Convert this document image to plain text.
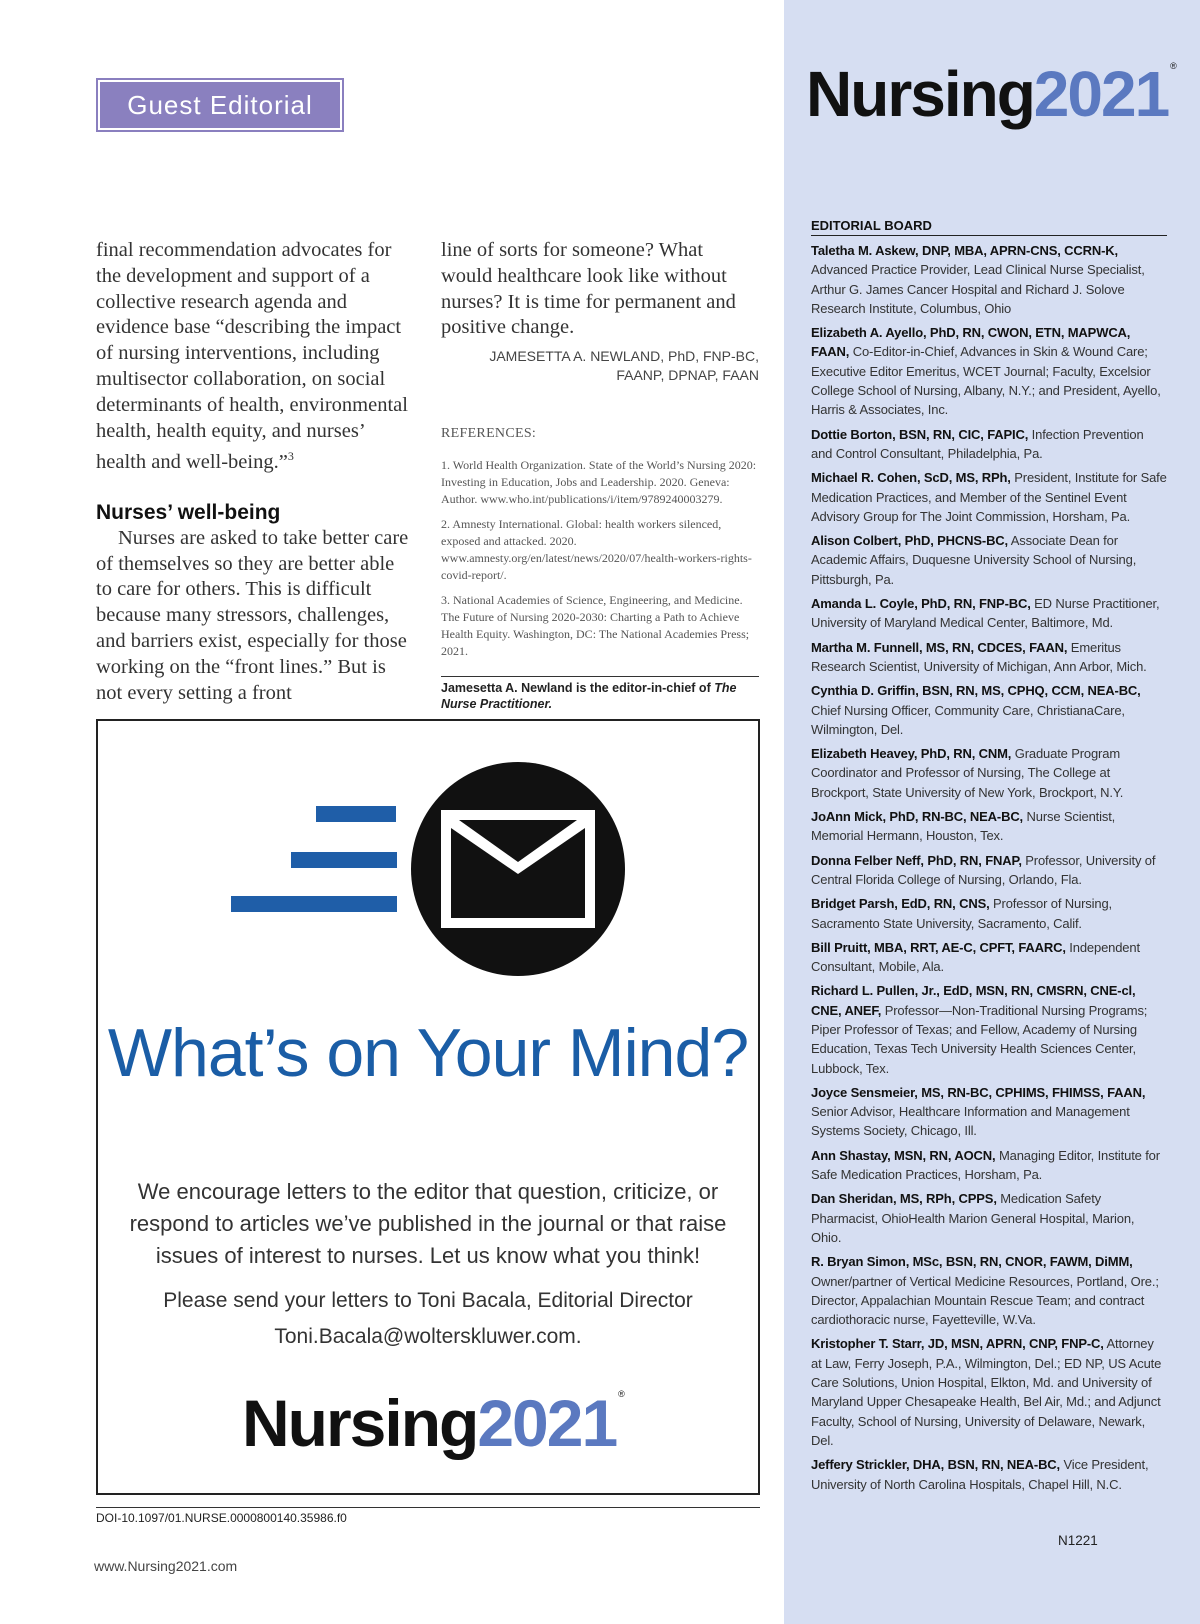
Guest Editorial	Nursing2021 ®

final recommendation advocates for the development and support of a collective research agenda and evidence base “describing the impact of nursing interventions, including multisector collaboration, on social determinants of health, environmental health, health equity, and nurses’ health and well-being.”$^3$

Nurses’ well-being

Nurses are asked to take better care of themselves so they are better able to care for others. This is difficult because many stressors, challenges, and barriers exist, especially for those working on the “front lines.” But is not every setting a front

line of sorts for someone? What would healthcare look like without nurses? It is time for permanent and positive change.

JAMESETTA A. NEWLAND, PhD, FNP-BC, FAANP, DPNAP, FAAN

REFERENCES:

1. World Health Organization. State of the World’s Nursing 2020: Investing in Education, Jobs and Leadership. 2020. Geneva: Author. www.who.int/publications/i/item/9789240003279.

2. Amnesty International. Global: health workers silenced, exposed and attacked. 2020. www.amnesty.org/en/latest/news/2020/07/health-workers-rights-covid-report/.

3. National Academies of Science, Engineering, and Medicine. The Future of Nursing 2020-2030: Charting a Path to Achieve Health Equity. Washington, DC: The National Academies Press; 2021.

Jamesetta A. Newland is the editor-in-chief of The Nurse Practitioner.

What’s on Your Mind?
We encourage letters to the editor that question, criticize, or respond to articles we’ve published in the journal or that raise issues of interest to nurses. Let us know what you think!
Please send your letters to Toni Bacala, Editorial Director
Toni.Bacala@wolterskluwer.com.
Nursing2021 ®
DOI-10.1097/01.NURSE.0000800140.35986.f0
www.Nursing2021.com
N1221
EDITORIAL BOARD
Taletha M. Askew, DNP, MBA, APRN-CNS, CCRN-K, Advanced Practice Provider, Lead Clinical Nurse Specialist, Arthur G. James Cancer Hospital and Richard J. Solove Research Institute, Columbus, Ohio
Elizabeth A. Ayello, PhD, RN, CWON, ETN, MAPWCA, FAAN, Co-Editor-in-Chief, Advances in Skin & Wound Care; Executive Editor Emeritus, WCET Journal; Faculty, Excelsior College School of Nursing, Albany, N.Y.; and President, Ayello, Harris & Associates, Inc.
Dottie Borton, BSN, RN, CIC, FAPIC, Infection Prevention and Control Consultant, Philadelphia, Pa.
Michael R. Cohen, ScD, MS, RPh, President, Institute for Safe Medication Practices, and Member of the Sentinel Event Advisory Group for The Joint Commission, Horsham, Pa.
Alison Colbert, PhD, PHCNS-BC, Associate Dean for Academic Affairs, Duquesne University School of Nursing, Pittsburgh, Pa.
Amanda L. Coyle, PhD, RN, FNP-BC, ED Nurse Practitioner, University of Maryland Medical Center, Baltimore, Md.
Martha M. Funnell, MS, RN, CDCES, FAAN, Emeritus Research Scientist, University of Michigan, Ann Arbor, Mich.
Cynthia D. Griffin, BSN, RN, MS, CPHQ, CCM, NEA-BC, Chief Nursing Officer, Community Care, ChristianaCare, Wilmington, Del.
Elizabeth Heavey, PhD, RN, CNM, Graduate Program Coordinator and Professor of Nursing, The College at Brockport, State University of New York, Brockport, N.Y.
JoAnn Mick, PhD, RN-BC, NEA-BC, Nurse Scientist, Memorial Hermann, Houston, Tex.
Donna Felber Neff, PhD, RN, FNAP, Professor, University of Central Florida College of Nursing, Orlando, Fla.
Bridget Parsh, EdD, RN, CNS, Professor of Nursing, Sacramento State University, Sacramento, Calif.
Bill Pruitt, MBA, RRT, AE-C, CPFT, FAARC, Independent Consultant, Mobile, Ala.
Richard L. Pullen, Jr., EdD, MSN, RN, CMSRN, CNE-cl, CNE, ANEF, Professor—Non-Traditional Nursing Programs; Piper Professor of Texas; and Fellow, Academy of Nursing Education, Texas Tech University Health Sciences Center, Lubbock, Tex.
Joyce Sensmeier, MS, RN-BC, CPHIMS, FHIMSS, FAAN, Senior Advisor, Healthcare Information and Management Systems Society, Chicago, Ill.
Ann Shastay, MSN, RN, AOCN, Managing Editor, Institute for Safe Medication Practices, Horsham, Pa.
Dan Sheridan, MS, RPh, CPPS, Medication Safety Pharmacist, OhioHealth Marion General Hospital, Marion, Ohio.
R. Bryan Simon, MSc, BSN, RN, CNOR, FAWM, DiMM, Owner/partner of Vertical Medicine Resources, Portland, Ore.; Director, Appalachian Mountain Rescue Team; and contract cardiothoracic nurse, Fayetteville, W.Va.
Kristopher T. Starr, JD, MSN, APRN, CNP, FNP-C, Attorney at Law, Ferry Joseph, P.A., Wilmington, Del.; ED NP, US Acute Care Solutions, Union Hospital, Elkton, Md. and University of Maryland Upper Chesapeake Health, Bel Air, Md.; and Adjunct Faculty, School of Nursing, University of Delaware, Newark, Del.
Jeffery Strickler, DHA, BSN, RN, NEA-BC, Vice President, University of North Carolina Hospitals, Chapel Hill, N.C.
